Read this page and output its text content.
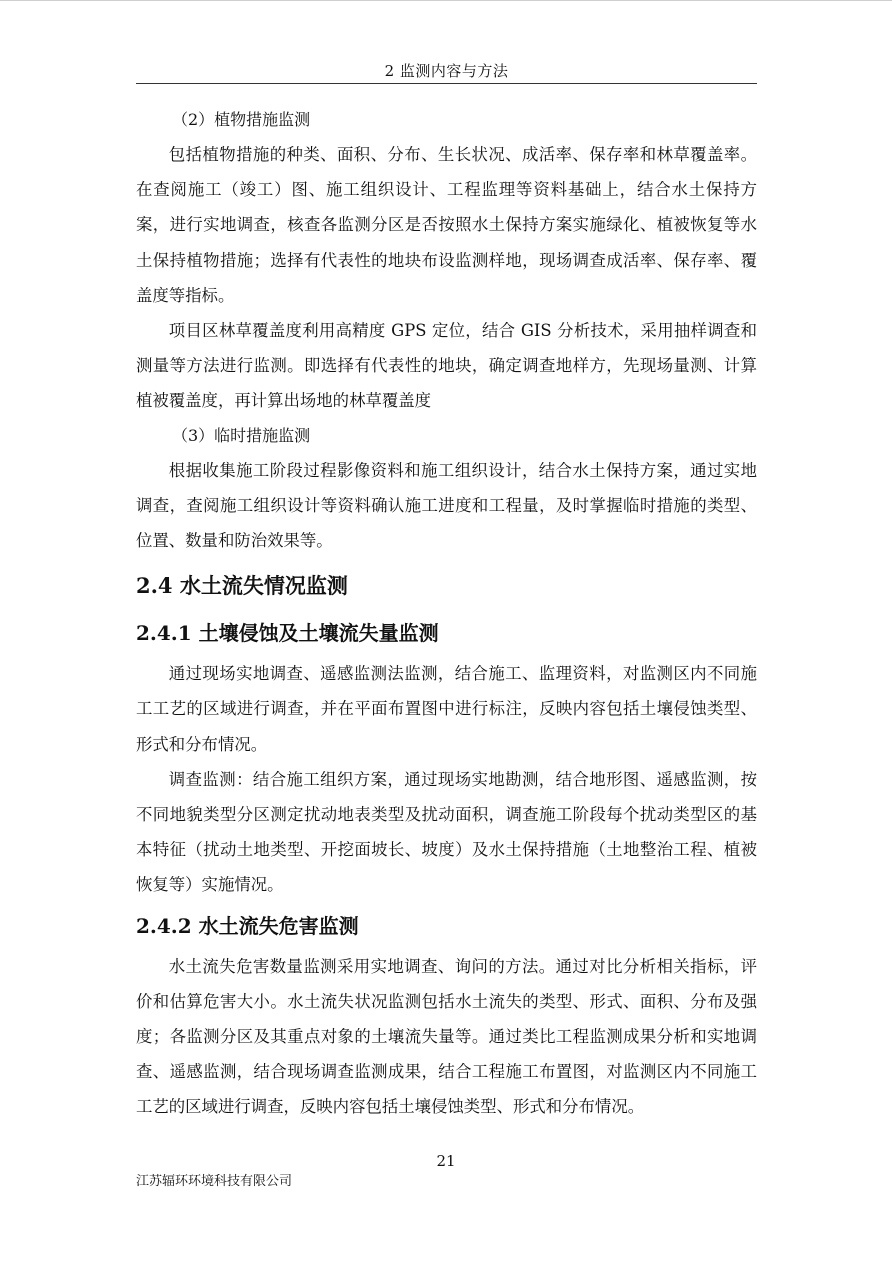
2 监测内容与方法
（2）植物措施监测

包括植物措施的种类、面积、分布、生长状况、成活率、保存率和林草覆盖率。在查阅施工（竣工）图、施工组织设计、工程监理等资料基础上，结合水土保持方案，进行实地调查，核查各监测分区是否按照水土保持方案实施绿化、植被恢复等水土保持植物措施；选择有代表性的地块布设监测样地，现场调查成活率、保存率、覆盖度等指标。

项目区林草覆盖度利用高精度 GPS 定位，结合 GIS 分析技术，采用抽样调查和测量等方法进行监测。即选择有代表性的地块，确定调查地样方，先现场量测、计算植被覆盖度，再计算出场地的林草覆盖度

（3）临时措施监测

根据收集施工阶段过程影像资料和施工组织设计，结合水土保持方案，通过实地调查，查阅施工组织设计等资料确认施工进度和工程量，及时掌握临时措施的类型、位置、数量和防治效果等。

2.4 水土流失情况监测
2.4.1 土壤侵蚀及土壤流失量监测

通过现场实地调查、遥感监测法监测，结合施工、监理资料，对监测区内不同施工工艺的区域进行调查，并在平面布置图中进行标注，反映内容包括土壤侵蚀类型、形式和分布情况。

调查监测：结合施工组织方案，通过现场实地勘测，结合地形图、遥感监测，按不同地貌类型分区测定扰动地表类型及扰动面积，调查施工阶段每个扰动类型区的基本特征（扰动土地类型、开挖面坡长、坡度）及水土保持措施（土地整治工程、植被恢复等）实施情况。

2.4.2 水土流失危害监测

水土流失危害数量监测采用实地调查、询问的方法。通过对比分析相关指标，评价和估算危害大小。水土流失状况监测包括水土流失的类型、形式、面积、分布及强度；各监测分区及其重点对象的土壤流失量等。通过类比工程监测成果分析和实地调查、遥感监测，结合现场调查监测成果，结合工程施工布置图，对监测区内不同施工工艺的区域进行调查，反映内容包括土壤侵蚀类型、形式和分布情况。

21
江苏辐环环境科技有限公司
